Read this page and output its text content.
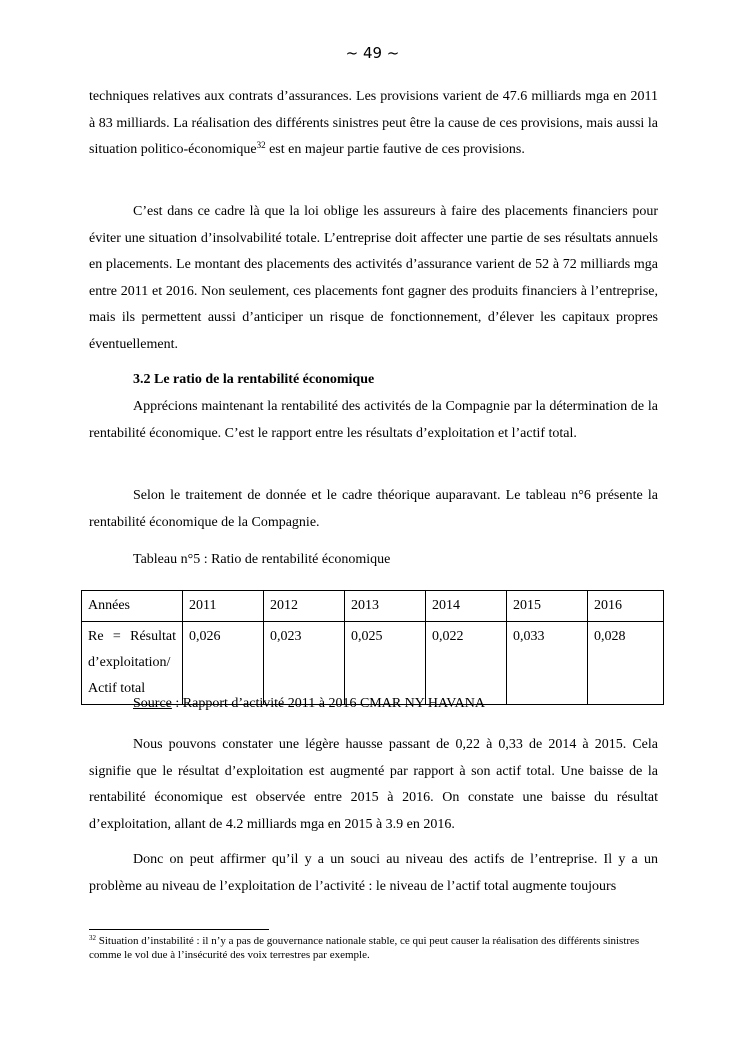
~ 49 ~

techniques relatives aux contrats d’assurances. Les provisions varient de 47.6 milliards mga en 2011 à 83 milliards. La réalisation des différents sinistres peut être la cause de ces provisions, mais aussi la situation politico-économique$^{32}$ est en majeur partie fautive de ces provisions.

C’est dans ce cadre là que la loi oblige les assureurs à faire des placements financiers pour éviter une situation d’insolvabilité totale. L’entreprise doit affecter une partie de ses résultats annuels en placements. Le montant des placements des activités d’assurance varient de 52 à 72 milliards mga entre 2011 et 2016. Non seulement, ces placements font gagner des produits financiers à l’entreprise, mais ils permettent aussi d’anticiper un risque de fonctionnement, d’élever les capitaux propres éventuellement.

3.2 Le ratio de la rentabilité économique

Apprécions maintenant la rentabilité des activités de la Compagnie par la détermination de la rentabilité économique. C’est le rapport entre les résultats d’exploitation et l’actif total.

Selon le traitement de donnée et le cadre théorique auparavant. Le tableau n°6 présente la rentabilité économique de la Compagnie.

Tableau n°5 : Ratio de rentabilité économique
Années	2011	2012	2013	2014	2015	2016
Re = Résultat d’exploitation/ Actif total	0,026	0,023	0,025	0,022	0,033	0,028
Source : Rapport d’activité 2011 à 2016 CMAR NY HAVANA

Nous pouvons constater une légère hausse passant de 0,22 à 0,33 de 2014 à 2015. Cela signifie que le résultat d’exploitation est augmenté par rapport à son actif total. Une baisse de la rentabilité économique est observée entre 2015 à 2016. On constate une baisse du résultat d’exploitation, allant de 4.2 milliards mga en 2015 à 3.9 en 2016.

Donc on peut affirmer qu’il y a un souci au niveau des actifs de l’entreprise. Il y a un problème au niveau de l’exploitation de l’activité : le niveau de l’actif total augmente toujours

$^{32}$ Situation d’instabilité : il n’y a pas de gouvernance nationale stable, ce qui peut causer la réalisation des différents sinistres comme le vol due à l’insécurité des voix terrestres par exemple.
